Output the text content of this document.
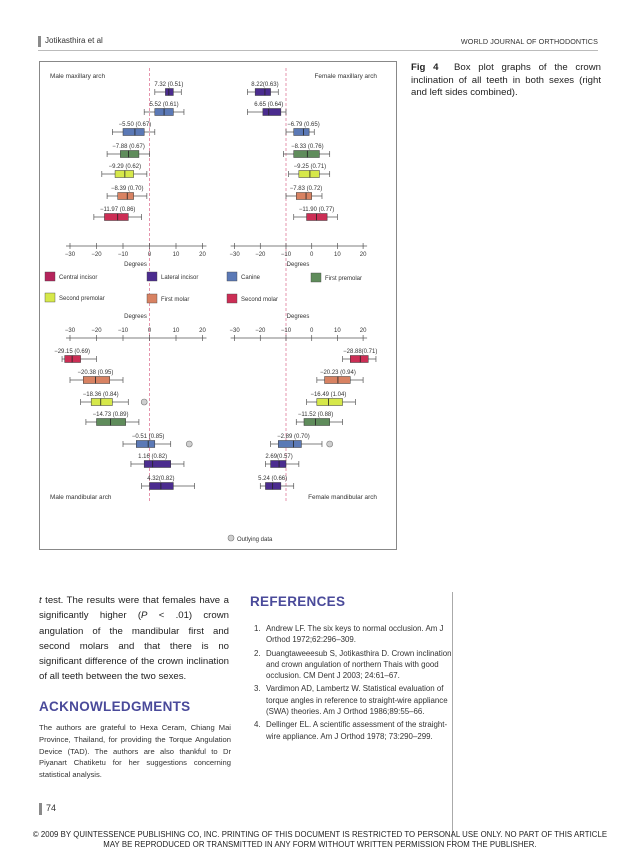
Jotikasthira et al	WORLD JOURNAL OF ORTHODONTICS
Male maxillary arch	Female maxillary arch
Male mandibular arch	Female mandibular arch
−30	−20	−10	0	10	20	20
10
0
−10
−20
−30
Degrees	Degrees
Degrees	Degrees
−30	−20	−10	0	10	20	20
10
0
−10
−20
−30
Central incisor	Lateral incisor	Canine	First premolar
Second premolar	First molar	Second molar
Outlying data
7.32 (0.51)
5.52 (0.61)
−5.50 (0.67)
−7.88 (0.67)
−9.29 (0.62)
−8.39 (0.70)
−11.97 (0.86)
8.22(0.63)
6.65 (0.64)
−6.79 (0.65)
−8.33 (0.76)
−9.25 (0.71)
−7.83 (0.72)
−11.90 (0.77)
−29.15 (0.69)
−20.38 (0.95)
−18.36 (0.84)
−14.73 (0.89)
−0.51 (0.85)
1.16 (0.82)
4.32(0.82)
−28.88(0.71)
−20.23 (0.94)
−16.49 (1.04)
−11.52 (0.88)
−2.89 (0.70)
2.69(0.57)
5.24 (0.66)
Fig 4 Box plot graphs of the crown inclination of all teeth in both sexes (right and left sides combined).
t test. The results were that females have a significantly higher (P < .01) crown angulation of the mandibular first and second molars and that there is no significant difference of the crown inclination of all teeth between the two sexes.
ACKNOWLEDGMENTS
The authors are grateful to Hexa Ceram, Chiang Mai Province, Thailand, for providing the Torque Angulation Device (TAD). The authors are also thankful to Dr Piyanart Chatiketu for her suggestions concerning statistical analysis.
REFERENCES
1. Andrew LF. The six keys to normal occlusion. Am J Orthod 1972;62:296–309.
2. Duangtaweeesub S, Jotikasthira D. Crown inclination and crown angulation of northern Thais with good occlusion. CM Dent J 2003; 24:61–67.
3. Vardimon AD, Lambertz W. Statistical evaluation of torque angles in reference to straight-wire appliance (SWA) theories. Am J Orthod 1986;89:55–66.
4. Dellinger EL. A scientific assessment of the straight-wire appliance. Am J Orthod 1978; 73:290–299.
74
© 2009 BY QUINTESSENCE PUBLISHING CO, INC. PRINTING OF THIS DOCUMENT IS RESTRICTED TO PERSONAL USE ONLY. NO PART OF THIS ARTICLE
MAY BE REPRODUCED OR TRANSMITTED IN ANY FORM WITHOUT WRITTEN PERMISSION FROM THE PUBLISHER.
